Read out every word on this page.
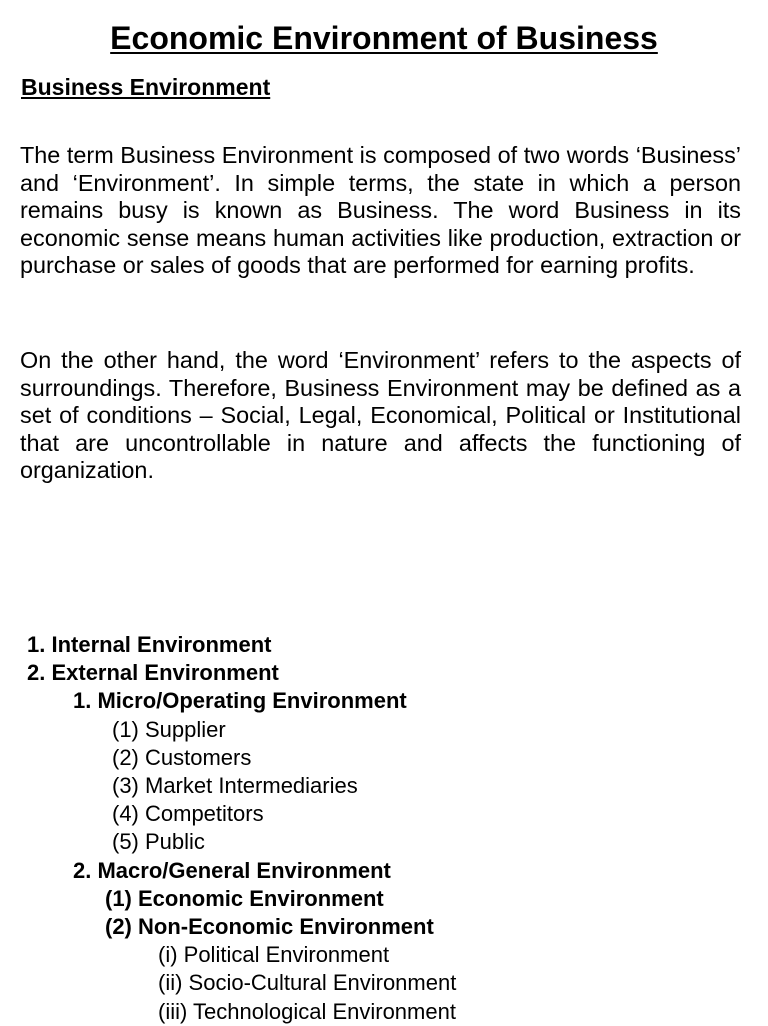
Economic Environment of Business
Business Environment

The term Business Environment is composed of two words ‘Business’ and ‘Environment’. In simple terms, the state in which a person remains busy is known as Business. The word Business in its economic sense means human activities like production, extraction or purchase or sales of goods that are performed for earning profits.

On the other hand, the word ‘Environment’ refers to the aspects of surroundings. Therefore, Business Environment may be defined as a set of conditions – Social, Legal, Economical, Political or Institutional that are uncontrollable in nature and affects the functioning of organization.

1. Internal Environment
2. External Environment
1. Micro/Operating Environment
(1) Supplier
(2) Customers
(3) Market Intermediaries
(4) Competitors
(5) Public
2. Macro/General Environment
(1) Economic Environment
(2) Non-Economic Environment
(i) Political Environment
(ii) Socio-Cultural Environment
(iii) Technological Environment
